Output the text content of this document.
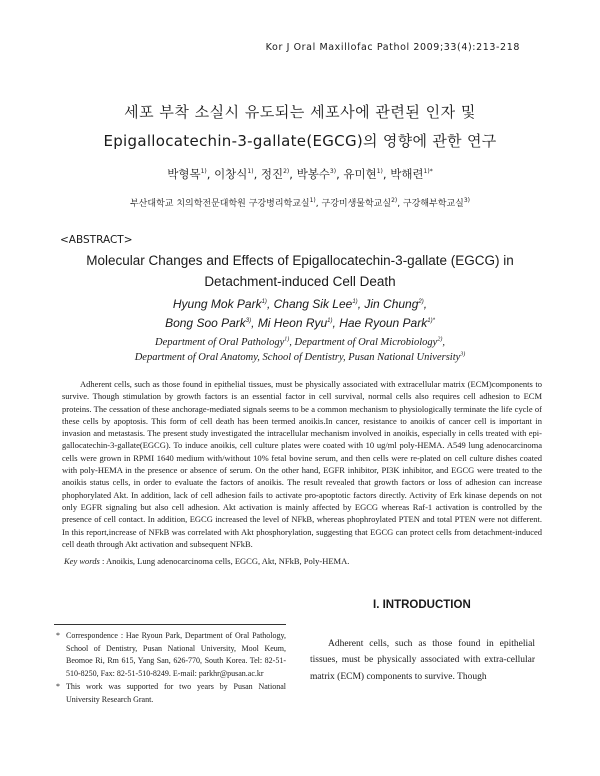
Kor J Oral Maxillofac Pathol 2009;33(4):213-218
세포 부착 소실시 유도되는 세포사에 관련된 인자 및
Epigallocatechin-3-gallate(EGCG)의 영향에 관한 연구
박형목$^{1)}$, 이창식$^{1)}$, 정진$^{2)}$, 박봉수$^{3)}$, 유미현$^{1)}$, 박해련$^{1)*}$
부산대학교 치의학전문대학원 구강병리학교실$^{1)}$, 구강미생물학교실$^{2)}$, 구강해부학교실$^{3)}$
<ABSTRACT>
Molecular Changes and Effects of Epigallocatechin-3-gallate (EGCG) in
Detachment-induced Cell Death
Hyung Mok Park$^{1)}$, Chang Sik Lee$^{1)}$, Jin Chung$^{2)}$,
Bong Soo Park$^{3)}$, Mi Heon Ryu$^{1)}$, Hae Ryoun Park$^{1)*}$
Department of Oral Pathology$^{1)}$, Department of Oral Microbiology$^{2)}$,
Department of Oral Anatomy, School of Dentistry, Pusan National University$^{3)}$
Adherent cells, such as those found in epithelial tissues, must be physically associated with extracellular matrix (ECM)components to survive. Though stimulation by growth factors is an essential factor in cell survival, normal cells also requires cell adhesion to ECM proteins. The cessation of these anchorage-mediated signals seems to be a common mechanism to physiologically terminate the life cycle of these cells by apoptosis. This form of cell death has been termed anoikis.In cancer, resistance to anoikis of cancer cell is important in invasion and metastasis. The present study investigated the intracellular mechanism involved in anoikis, especially in cells treated with epi-gallocatechin-3-gallate(EGCG). To induce anoikis, cell culture plates were coated with 10 ug/ml poly-HEMA. A549 lung adenocarcinoma cells were grown in RPMI 1640 medium with/without 10% fetal bovine serum, and then cells were re-plated on cell culture dishes coated with poly-HEMA in the presence or absence of serum. On the other hand, EGFR inhibitor, PI3K inhibitor, and EGCG were treated to the anoikis status cells, in order to evaluate the factors of anoikis. The result revealed that growth factors or loss of adhesion can increase phophorylated Akt. In addition, lack of cell adhesion fails to activate pro-apoptotic factors directly. Activity of Erk kinase depends on not only EGFR signaling but also cell adhesion. Akt activation is mainly affected by EGCG whereas Raf-1 activation is controlled by the presence of cell contact. In addition, EGCG increased the level of NFkB, whereas phophroylated PTEN and total PTEN were not different. In this report,increase of NFkB was correlated with Akt phosphorylation, suggesting that EGCG can protect cells from detachment-induced cell death through Akt activation and subsequent NFkB.
Key words : Anoikis, Lung adenocarcinoma cells, EGCG, Akt, NFkB, Poly-HEMA.
I. INTRODUCTION
Adherent cells, such as those found in epithelial tissues, must be physically associated with extra-cellular matrix (ECM) components to survive. Though
* Correspondence : Hae Ryoun Park, Department of Oral Pathology, School of Dentistry, Pusan National University, Mool Keum, Beomoe Ri, Rm 615, Yang San, 626-770, South Korea. Tel: 82-51-510-8250, Fax: 82-51-510-8249. E-mail: parkhr@pusan.ac.kr
* This work was supported for two years by Pusan National University Research Grant.
